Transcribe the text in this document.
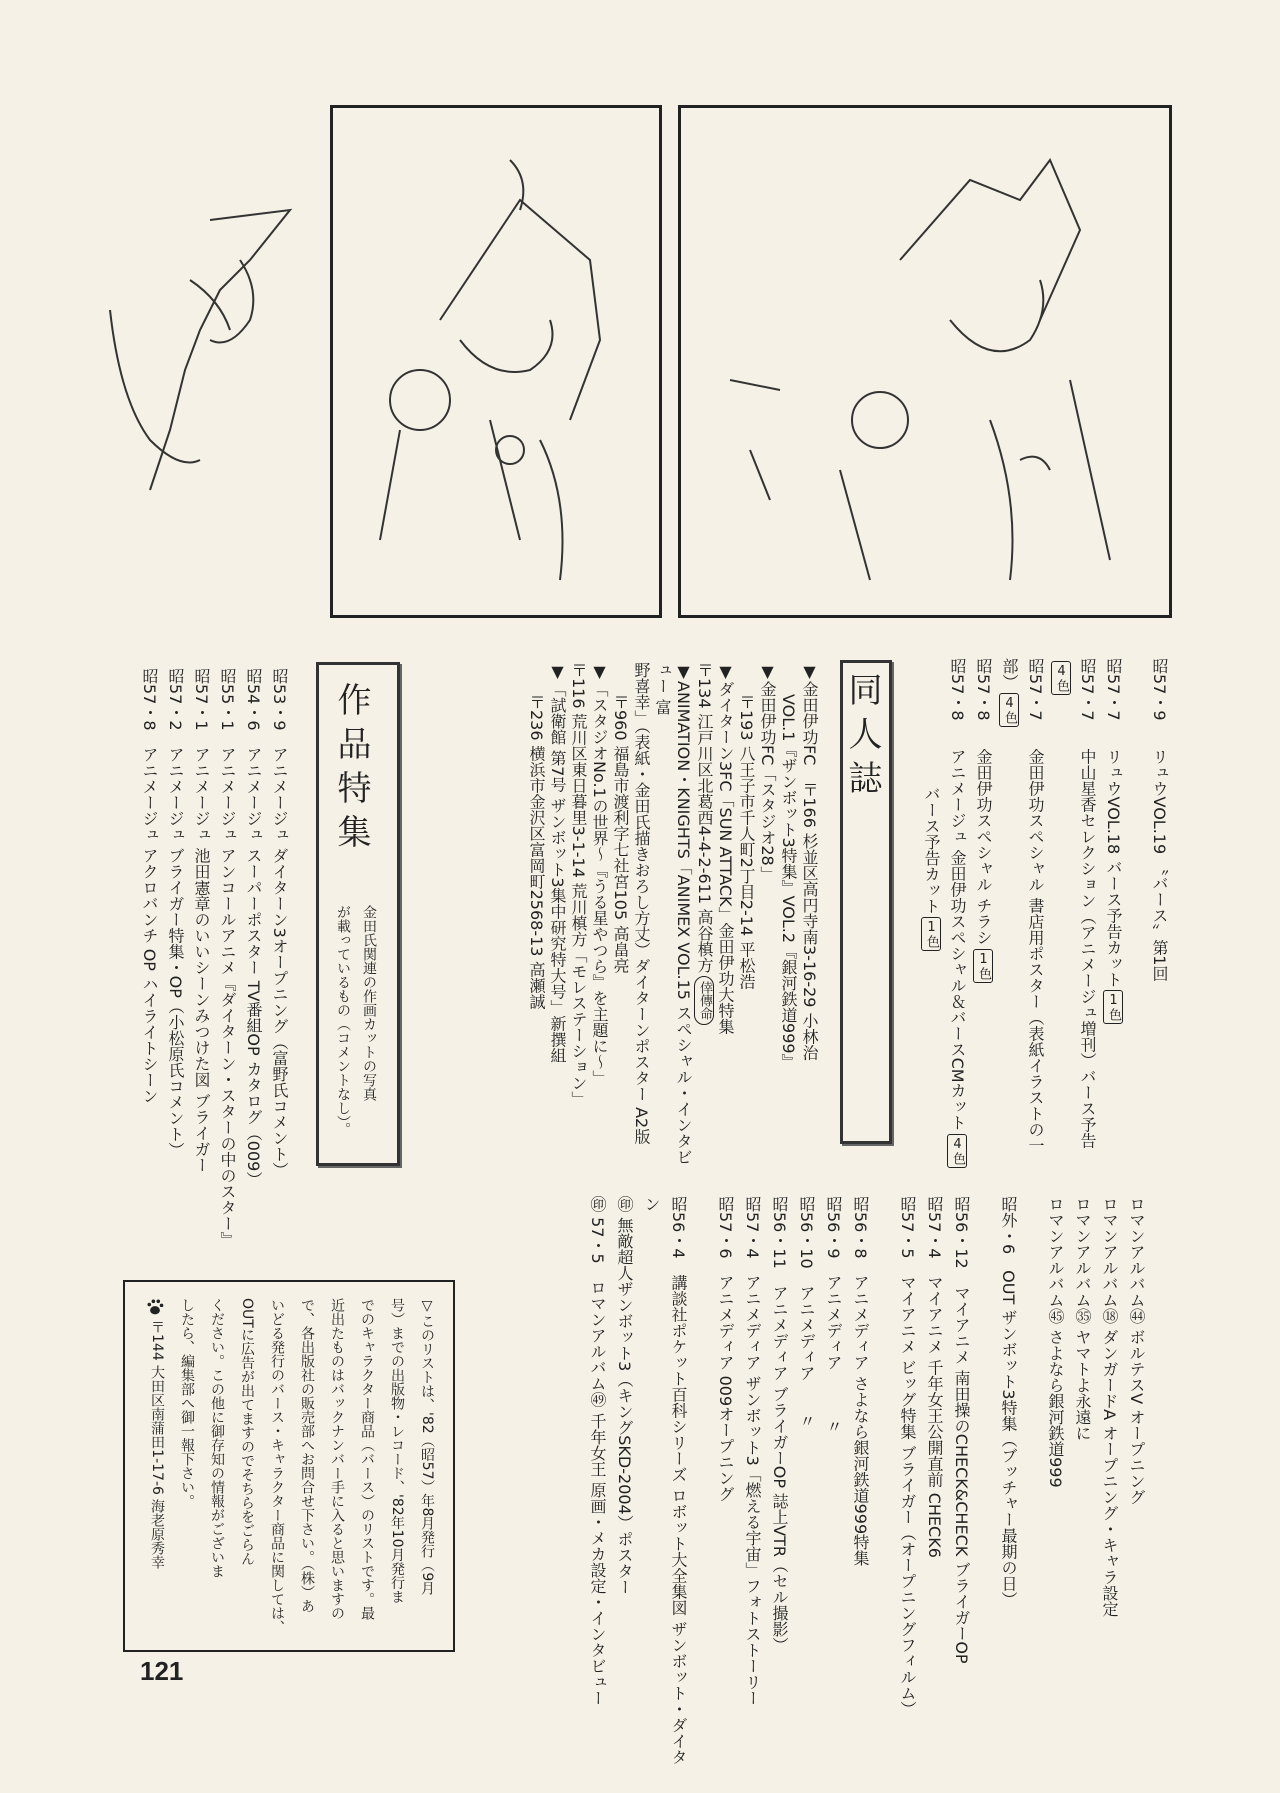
同人誌	昭57・9リュウVOL.19 〝バース〟第1回
昭57・7リュウVOL.18 バース予告カット1色
昭57・7中山星香セレクション（アニメージュ増刊）バース予告4色
昭57・7金田伊功スペシャル 書店用ポスター（表紙イラストの一部）4色
昭57・8金田伊功スペシャル チラシ1色
昭57・8アニメージュ 金田伊功スペシャル＆バースCMカット4色
バース予告カット1色
▼金田伊功FC　〒166 杉並区高円寺南3-16-29 小林治
VOL.1『ザンボット3特集』VOL.2『銀河鉄道999』
▼金田伊功FC「スタジオ28」
〒193 八王子市千人町2丁目2-14 平松浩
▼ダイターン3FC「SUN ATTACK」金田伊功大特集
〒134 江戸川区北葛西4-4-2-611 高谷槙方倖傳命
▼ANIMATION・KNIGHTS「ANIMEX VOL.15 スペシャル・インタビュー 富
野喜幸」（表紙・金田氏描きおろし方丈）ダイターンポスター A2版
〒960 福島市渡利字七社宮105 高畠亮
▼「スタジオNo.1の世界〜『うる星やつら』を主題に〜」
〒116 荒川区東日暮里3-1-14 荒川槙方「モレステーション」
▼「試衛館 第7号 ザンボット3集中研究特大号」新撰組
〒236 横浜市金沢区富岡町2568-13 高瀬誠
作品特集
金田氏関連の作画カットの写真
が載っているもの（コメントなし）。
昭53・9　アニメージュ ダイターン3オープニング（富野氏コメント）
昭54・6　アニメージュ スーパーポスター TV番組OP カタログ（009）
昭55・1　アニメージュ アンコールアニメ『ダイターン・スターの中のスター』
昭57・1　アニメージュ 池田憲章のいいシーンみつけた図 ブライガー
昭57・2　アニメージュ ブライガー特集・OP（小松原氏コメント）
昭57・8　アニメージュ アクロバンチ OP ハイライトシーン
ロマンアルバム㊹ ボルテスV オープニング
ロマンアルバム⑱ ダンガードA オープニング・キャラ設定
ロマンアルバム㉟ ヤマトよ永遠に
ロマンアルバム㊺ さよなら銀河鉄道999
昭外・6　OUT ザンボット3特集（ブッチャー最期の日）
昭56・12　マイアニメ 南田操のCHECK&CHECK ブライガーOP
昭57・4　マイアニメ 千年女王公開直前 CHECK6
昭57・5　マイアニメ ビッグ特集 ブライガー（オープニングフィルム）
昭56・8　アニメディア さよなら銀河鉄道999特集
昭56・9　アニメディア　　　〃
昭56・10　アニメディア　　〃
昭56・11　アニメディア ブライガーOP 誌上VTR（セル撮影）
昭57・4　アニメディア ザンボット3「燃える宇宙」フォトストーリー
昭57・6　アニメディア 009オープニング
昭56・4　講談社ポケット百科シリーズ ロボット大全集図 ザンボット・ダイタン
㊞ 無敵超人ザンボット3（キングSKD-2004）ポスター
㊞ 57・5　ロマンアルバム㊾ 千年女王 原画・メカ設定・インタビュー
▽このリストは、'82（昭57）年8月発行（9月
号）までの出版物・レコード、'82年10月発行ま
でのキャラクター商品（バース）のリストです。最
近出たものはバックナンバー手に入ると思いますの
で、各出版社の販売部へお問合せ下さい。（株）あ
いどる発行のバース・キャラクター商品に関しては、
OUTに広告が出てますのでそちらをごらん
ください。この他に御存知の情報がございま
したら、編集部へ御一報下さい。
〒144 大田区南蒲田1-17-6 海老原秀幸
121
